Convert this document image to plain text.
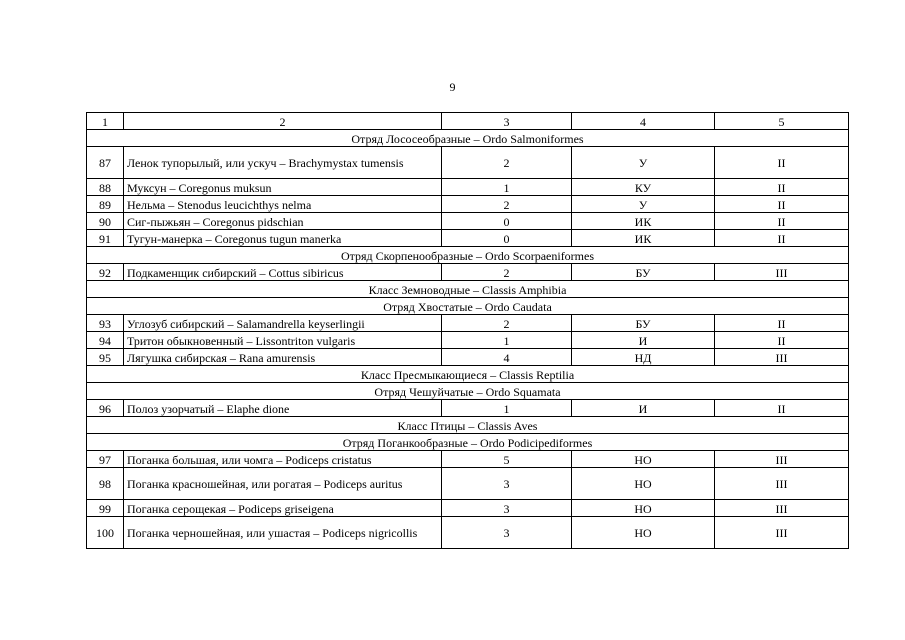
9
1	2	3	4	5
Отряд Лососеобразные – Ordo Salmoniformes				
87	Ленок тупорылый, или ускуч – Brachymystax tumensis	2	У	II
88	Муксун – Coregonus muksun	1	КУ	II
89	Нельма – Stenodus leucichthys nelma	2	У	II
90	Сиг-пыжьян – Coregonus pidschian	0	ИК	II
91	Тугун-манерка – Coregonus tugun manerka	0	ИК	II
Отряд Скорпенообразные – Ordo Scorpaeniformes				
92	Подкаменщик сибирский – Cottus sibiricus	2	БУ	III
Класс Земноводные – Classis Amphibia				
Отряд Хвостатые – Ordo Caudata				
93	Углозуб сибирский – Salamandrella keyserlingii	2	БУ	II
94	Тритон обыкновенный – Lissontriton vulgaris	1	И	II
95	Лягушка сибирская – Rana amurensis	4	НД	III
Класс Пресмыкающиеся – Classis Reptilia				
Отряд Чешуйчатые – Ordo Squamata				
96	Полоз узорчатый – Elaphe dione	1	И	II
Класс Птицы – Classis Aves				
Отряд Поганкообразные – Ordo Podicipediformes				
97	Поганка большая, или чомга – Podiceps cristatus	5	НО	III
98	Поганка красношейная, или рогатая – Podiceps auritus	3	НО	III
99	Поганка серощекая – Podiceps griseigena	3	НО	III
100	Поганка черношейная, или ушастая – Podiceps nigricollis	3	НО	III
